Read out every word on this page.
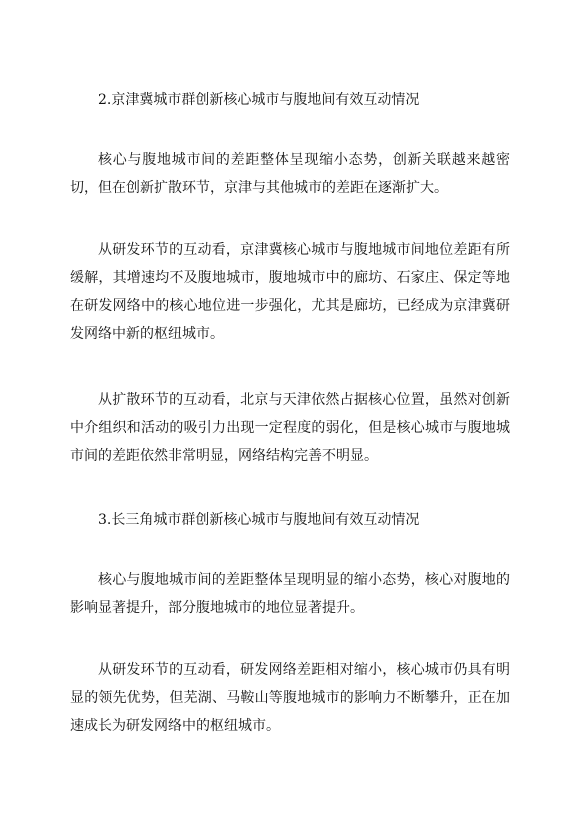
2.京津冀城市群创新核心城市与腹地间有效互动情况

核心与腹地城市间的差距整体呈现缩小态势，创新关联越来越密切，但在创新扩散环节，京津与其他城市的差距在逐渐扩大。

从研发环节的互动看，京津冀核心城市与腹地城市间地位差距有所缓解，其增速均不及腹地城市，腹地城市中的廊坊、石家庄、保定等地在研发网络中的核心地位进一步强化，尤其是廊坊，已经成为京津冀研发网络中新的枢纽城市。

从扩散环节的互动看，北京与天津依然占据核心位置，虽然对创新中介组织和活动的吸引力出现一定程度的弱化，但是核心城市与腹地城市间的差距依然非常明显，网络结构完善不明显。

3.长三角城市群创新核心城市与腹地间有效互动情况

核心与腹地城市间的差距整体呈现明显的缩小态势，核心对腹地的影响显著提升，部分腹地城市的地位显著提升。

从研发环节的互动看，研发网络差距相对缩小，核心城市仍具有明显的领先优势，但芜湖、马鞍山等腹地城市的影响力不断攀升，正在加速成长为研发网络中的枢纽城市。
